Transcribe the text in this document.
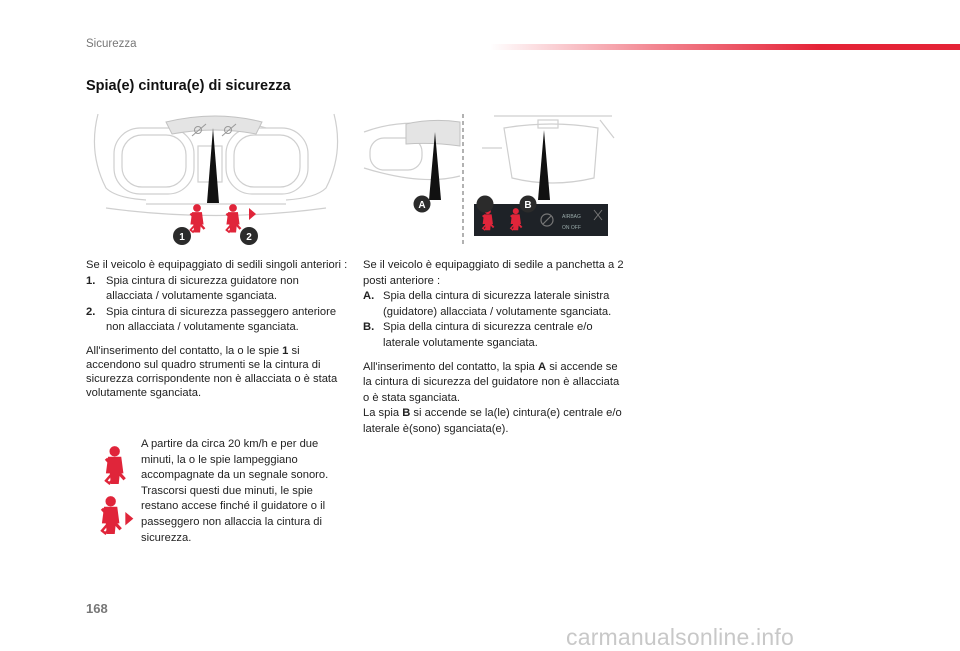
Sicurezza
Spia(e) cintura(e) di sicurezza
1	2
AIRBAG
ON OFF
A	B

Se il veicolo è equipaggiato di sedili singoli anteriori :

1. Spia cintura di sicurezza guidatore non allacciata / volutamente sganciata.
2. Spia cintura di sicurezza passeggero anteriore non allacciata / volutamente sganciata.

All'inserimento del contatto, la o le spie 1 si accendono sul quadro strumenti se la cintura di sicurezza corrispondente non è allacciata o è stata volutamente sganciata.

A partire da circa 20 km/h e per due minuti, la o le spie lampeggiano accompagnate da un segnale sonoro. Trascorsi questi due minuti, le spie restano accese finché il guidatore o il passeggero non allaccia la cintura di sicurezza.

Se il veicolo è equipaggiato di sedile a panchetta a 2 posti anteriore :

A. Spia della cintura di sicurezza laterale sinistra (guidatore) allacciata / volutamente sganciata.
B. Spia della cintura di sicurezza centrale e/o laterale volutamente sganciata.

All'inserimento del contatto, la spia A si accende se la cintura di sicurezza del guidatore non è allacciata o è stata sganciata.

La spia B si accende se la(le) cintura(e) centrale e/o laterale è(sono) sganciata(e).

168
carmanualsonline.info
